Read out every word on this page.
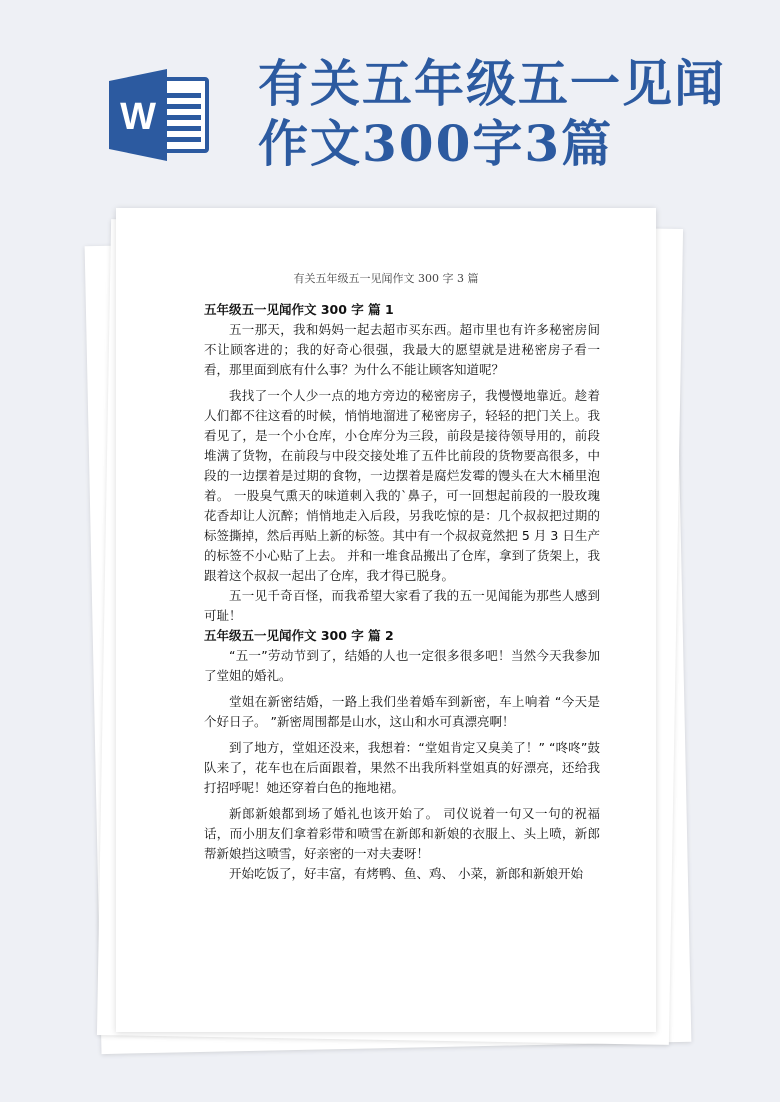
W
有关五年级五一见闻作文300字3篇
有关五年级五一见闻作文 300 字 3 篇

五年级五一见闻作文 300 字 篇 1

五一那天，我和妈妈一起去超市买东西。超市里也有许多秘密房间不让顾客进的；我的好奇心很强，我最大的愿望就是进秘密房子看一看，那里面到底有什么事？为什么不能让顾客知道呢？

我找了一个人少一点的地方旁边的秘密房子，我慢慢地靠近。趁着人们都不往这看的时候，悄悄地溜进了秘密房子，轻轻的把门关上。我看见了，是一个小仓库，小仓库分为三段，前段是接待领导用的，前段堆满了货物，在前段与中段交接处堆了五件比前段的货物要高很多，中段的一边摆着是过期的食物，一边摆着是腐烂发霉的馒头在大木桶里泡着。 一股臭气熏天的味道刺入我的`鼻子，可一回想起前段的一股玫瑰花香却让人沉醉；悄悄地走入后段，另我吃惊的是：几个叔叔把过期的标签撕掉，然后再贴上新的标签。其中有一个叔叔竟然把 5 月 3 日生产的标签不小心贴了上去。 并和一堆食品搬出了仓库，拿到了货架上，我跟着这个叔叔一起出了仓库，我才得已脱身。

五一见千奇百怪，而我希望大家看了我的五一见闻能为那些人感到可耻！

五年级五一见闻作文 300 字 篇 2

“五一”劳动节到了，结婚的人也一定很多很多吧！当然今天我参加了堂姐的婚礼。

堂姐在新密结婚，一路上我们坐着婚车到新密，车上响着 “今天是个好日子。 ”新密周围都是山水，这山和水可真漂亮啊！

到了地方，堂姐还没来，我想着：“堂姐肯定又臭美了！” “咚咚”鼓队来了，花车也在后面跟着，果然不出我所料堂姐真的好漂亮，还给我打招呼呢！她还穿着白色的拖地裙。

新郎新娘都到场了婚礼也该开始了。 司仪说着一句又一句的祝福话，而小朋友们拿着彩带和喷雪在新郎和新娘的衣服上、头上喷，新郎帮新娘挡这喷雪，好亲密的一对夫妻呀！

开始吃饭了，好丰富，有烤鸭、鱼、鸡、 小菜，新郎和新娘开始
